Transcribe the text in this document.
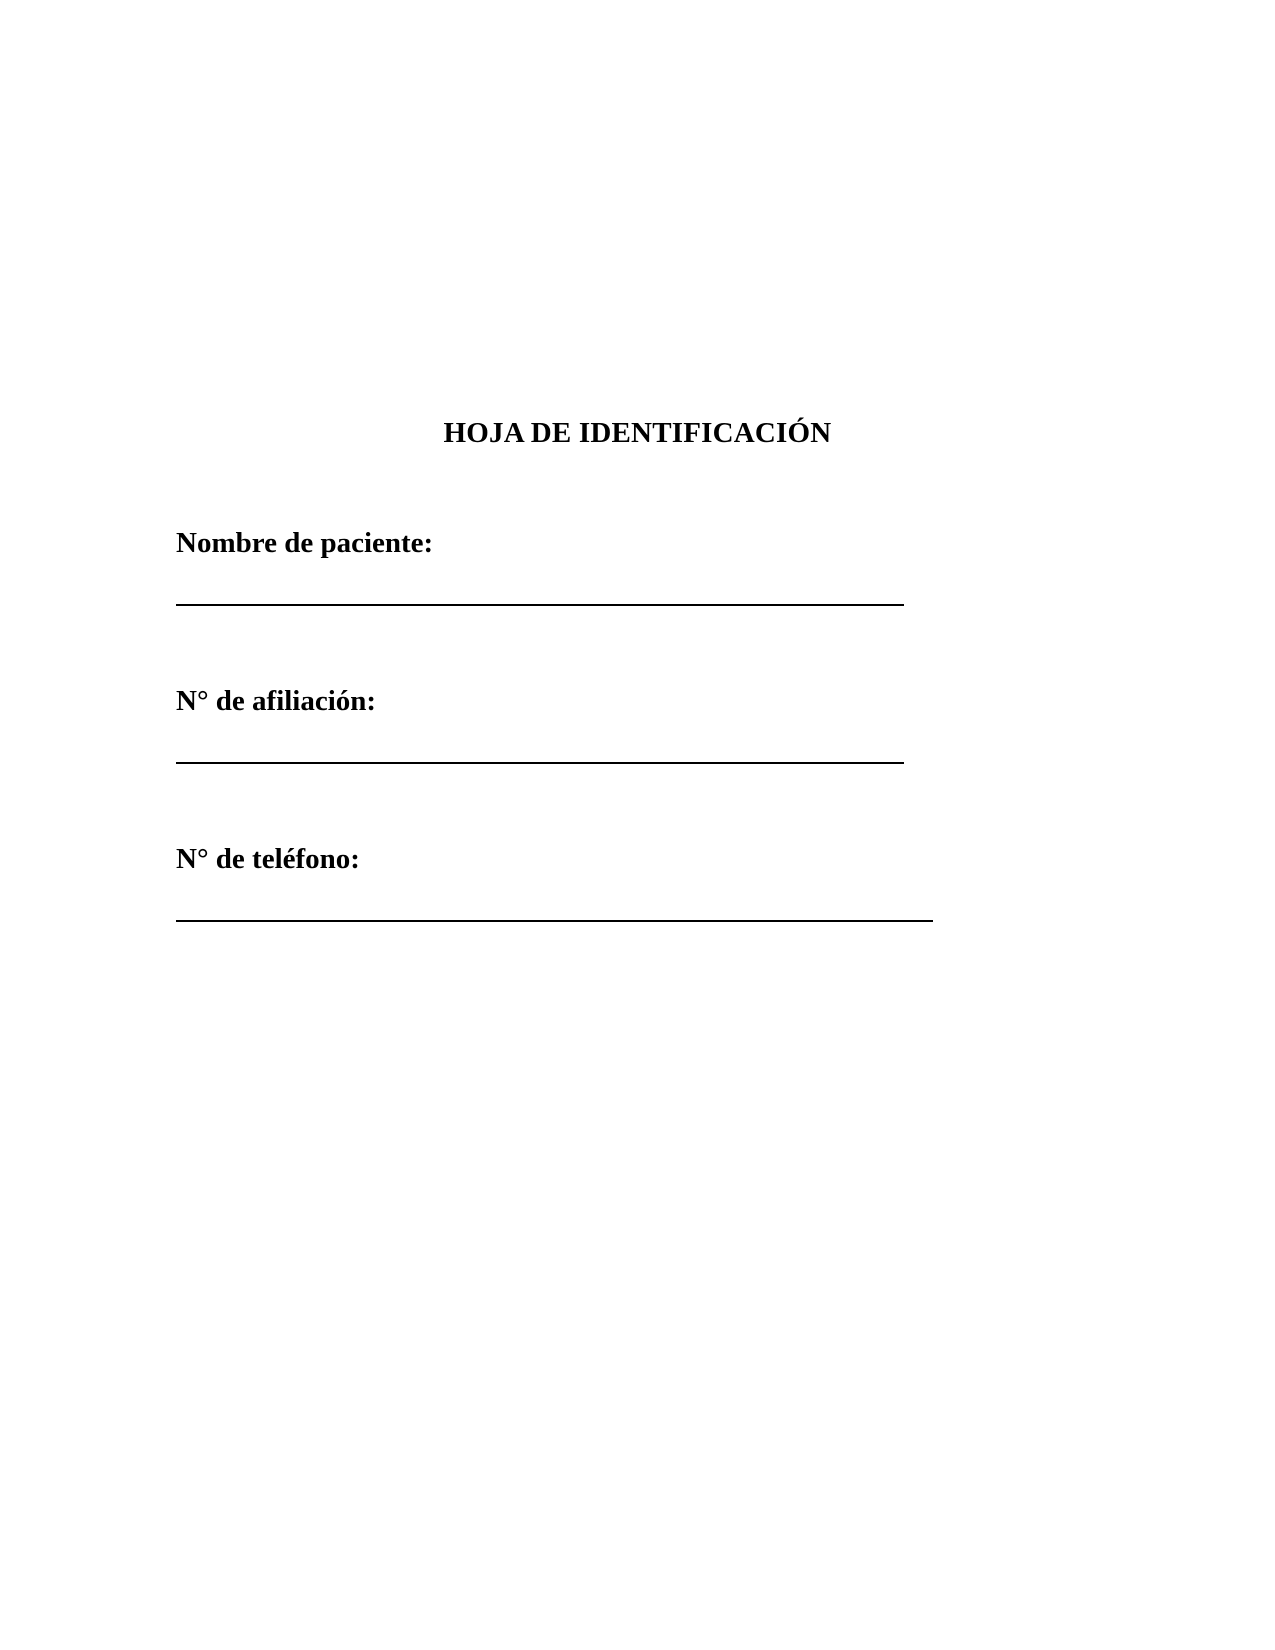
HOJA DE IDENTIFICACIÓN
Nombre de paciente:
N° de afiliación:
N° de teléfono:
